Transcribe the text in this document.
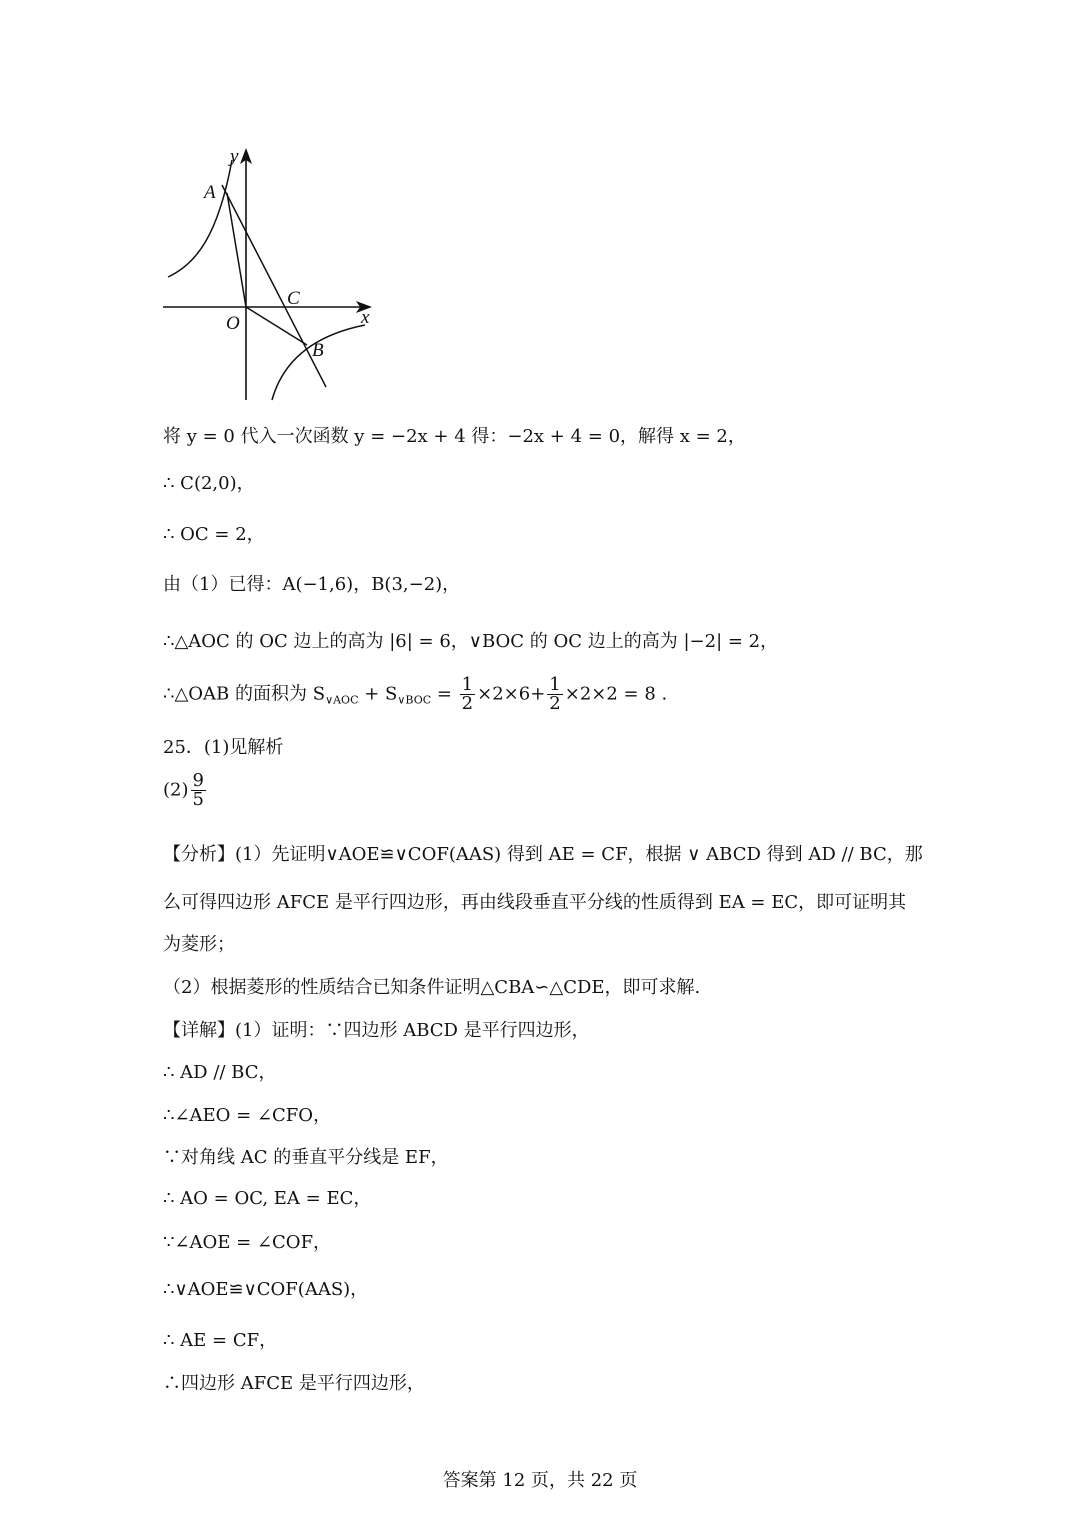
y
A
C
O	x
B
将 y = 0 代入一次函数 y = −2x + 4 得：−2x + 4 = 0，解得 x = 2，
∴ C(2,0)，
∴ OC = 2，
由（1）已得：A(−1,6)，B(3,−2)，
∴△AOC 的 OC 边上的高为 |6| = 6，∨BOC 的 OC 边上的高为 |−2| = 2，
∴△OAB 的面积为 $S_{\vee AOC} + S_{\vee BOC} = \frac{1}{2} \times 2\times 6+ \frac{1}{2} \times 2\times 2 = 8$ .
25．(1)见解析
$(2) \frac{9}{5}$
【分析】(1）先证明∨AOE≌∨COF(AAS) 得到 AE = CF，根据 ∨ ABCD 得到 AD // BC，那
么可得四边形 AFCE 是平行四边形，再由线段垂直平分线的性质得到 EA = EC，即可证明其
为菱形；
（2）根据菱形的性质结合已知条件证明△CBA∽△CDE，即可求解.
【详解】(1）证明：∵四边形 ABCD 是平行四边形，
∴ AD // BC，
∴∠AEO = ∠CFO，
∵对角线 AC 的垂直平分线是 EF，
∴ AO = OC, EA = EC，
∵∠AOE = ∠COF，
∴∨AOE≌∨COF(AAS)，
∴ AE = CF，
∴四边形 AFCE 是平行四边形，
答案第 12 页，共 22 页
